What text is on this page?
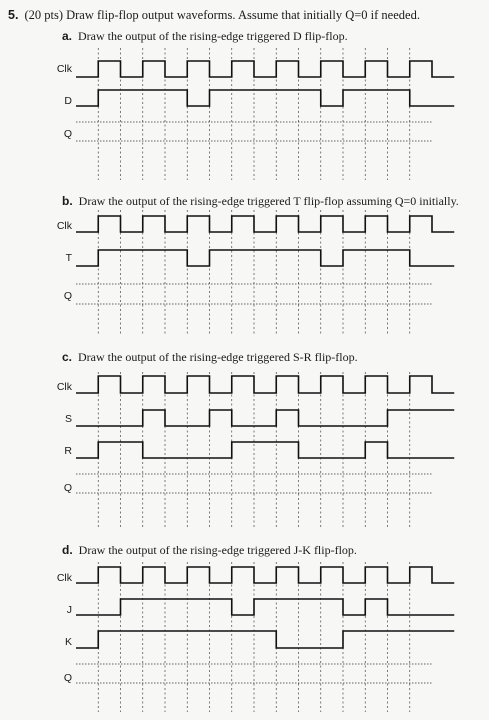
5. (20 pts) Draw flip-flop output waveforms. Assume that initially Q=0 if needed.
a. Draw the output of the rising-edge triggered D flip-flop.
b. Draw the output of the rising-edge triggered T flip-flop assuming Q=0 initially.
c. Draw the output of the rising-edge triggered S-R flip-flop.
d. Draw the output of the rising-edge triggered J-K flip-flop.
Clk
D
Q
Clk
T
Q
Clk
S
R
Q
Clk
J
K
Q
